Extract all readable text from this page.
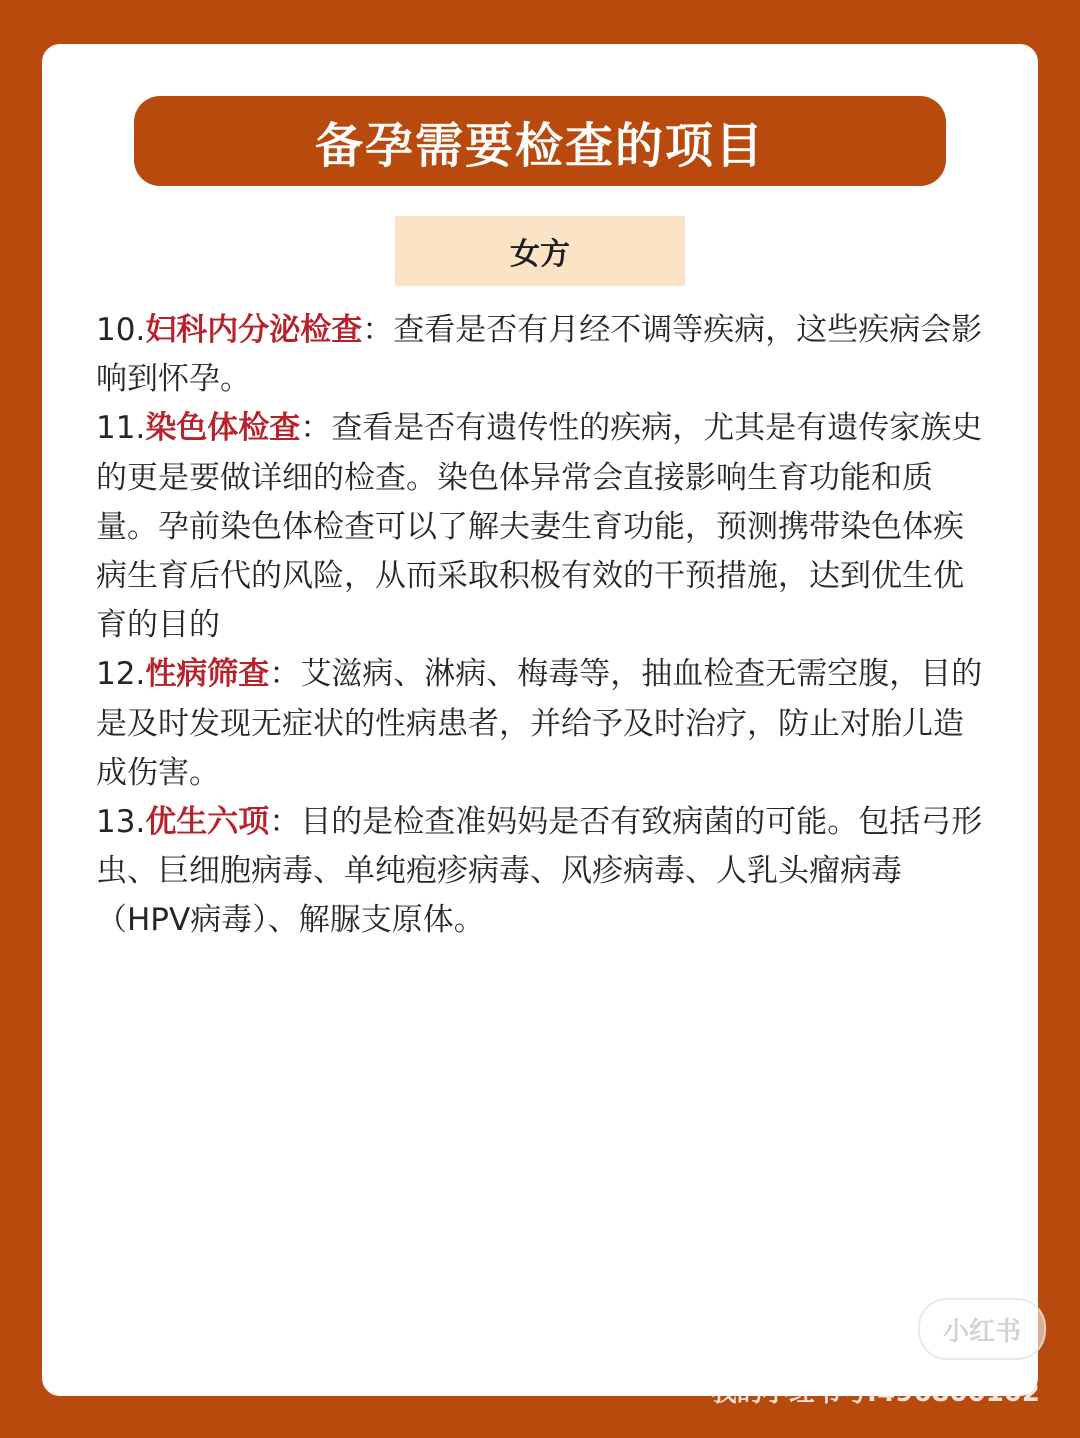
备孕需要检查的项目
女方

10.妇科内分泌检查：查看是否有月经不调等疾病，这些疾病会影响到怀孕。

11.染色体检查：查看是否有遗传性的疾病，尤其是有遗传家族史的更是要做详细的检查。染色体异常会直接影响生育功能和质量。孕前染色体检查可以了解夫妻生育功能，预测携带染色体疾病生育后代的风险，从而采取积极有效的干预措施，达到优生优育的目的

12.性病筛查：艾滋病、淋病、梅毒等，抽血检查无需空腹，目的是及时发现无症状的性病患者，并给予及时治疗，防止对胎儿造成伤害。

13.优生六项：目的是检查准妈妈是否有致病菌的可能。包括弓形虫、巨细胞病毒、单纯疱疹病毒、风疹病毒、人乳头瘤病毒（HPV病毒）、解脲支原体。

小红书
我的小红书号:496800102
